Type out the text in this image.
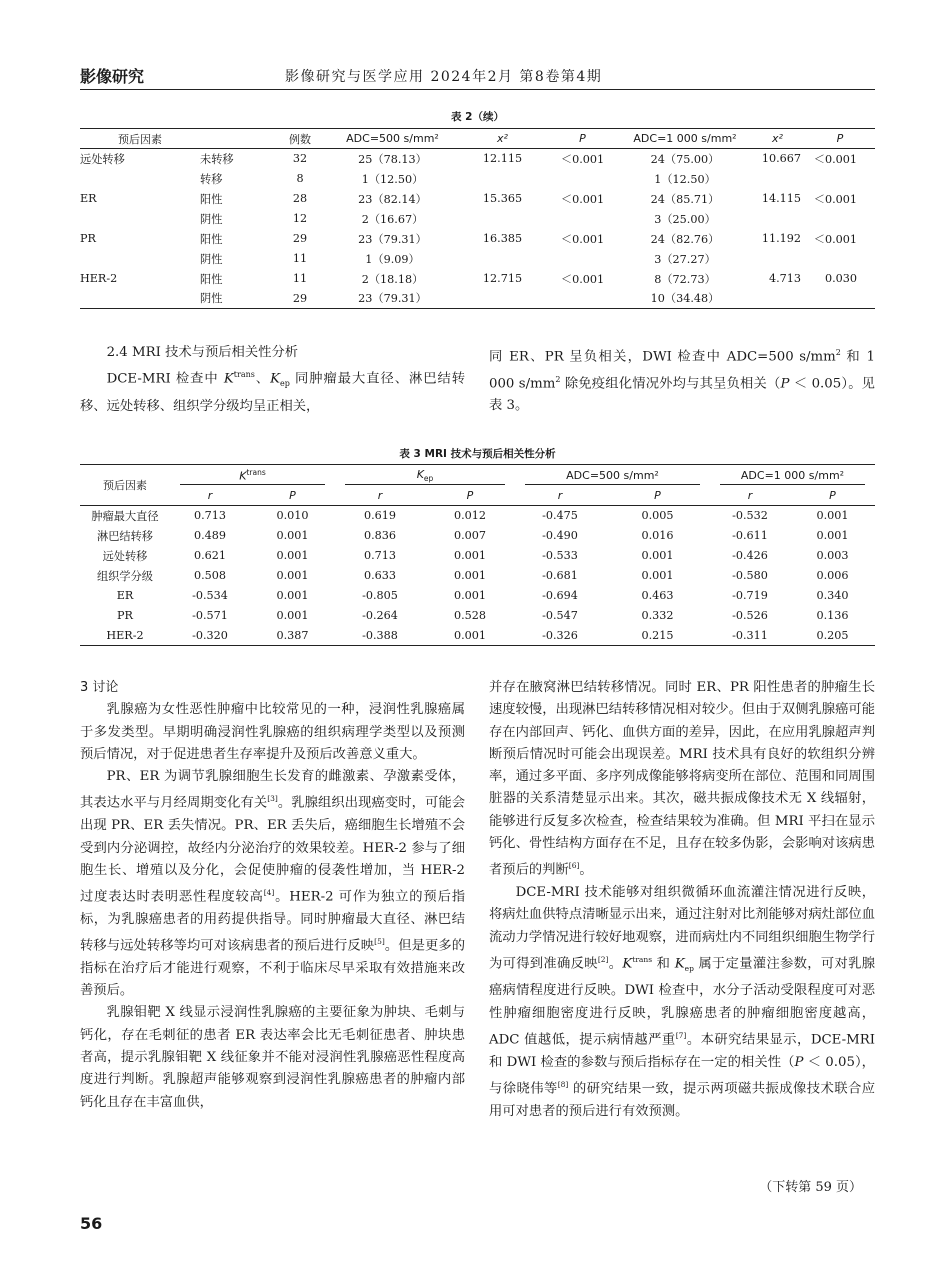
影像研究	影像研究与医学应用 2024年2月 第8卷第4期
表 2（续）
预后因素		例数	ADC=500 s/mm²	x²	P	ADC=1 000 s/mm²	x²	P
远处转移	未转移	32	25（78.13）	12.115	＜0.001	24（75.00）	10.667	＜0.001
	转移	8	1（12.50）			1（12.50）		
ER	阳性	28	23（82.14）	15.365	＜0.001	24（85.71）	14.115	＜0.001
	阴性	12	2（16.67）			3（25.00）		
PR	阳性	29	23（79.31）	16.385	＜0.001	24（82.76）	11.192	＜0.001
	阴性	11	1（9.09）			3（27.27）		
HER-2	阳性	11	2（18.18）	12.715	＜0.001	8（72.73）	4.713	0.030
	阴性	29	23（79.31）			10（34.48）		

2.4 MRI 技术与预后相关性分析

DCE-MRI 检查中 $K^{trans}$、$K_{ep}$ 同肿瘤最大直径、淋巴结转移、远处转移、组织学分级均呈正相关，

同 ER、PR 呈负相关，DWI 检查中 ADC=500 $s/mm^2$ 和 1 000 $s/mm^2$ 除免疫组化情况外均与其呈负相关（P ＜ 0.05）。见表 3。

表 3 MRI 技术与预后相关性分析
预后因素	$K^{trans}$		$K_{ep}$		ADC=500 s/mm²		ADC=1 000 s/mm²	
	r	P	r	P	r	P	r	P
肿瘤最大直径	0.713	0.010	0.619	0.012	-0.475	0.005	-0.532	0.001
淋巴结转移	0.489	0.001	0.836	0.007	-0.490	0.016	-0.611	0.001
远处转移	0.621	0.001	0.713	0.001	-0.533	0.001	-0.426	0.003
组织学分级	0.508	0.001	0.633	0.001	-0.681	0.001	-0.580	0.006
ER	-0.534	0.001	-0.805	0.001	-0.694	0.463	-0.719	0.340
PR	-0.571	0.001	-0.264	0.528	-0.547	0.332	-0.526	0.136
HER-2	-0.320	0.387	-0.388	0.001	-0.326	0.215	-0.311	0.205

3 讨论

乳腺癌为女性恶性肿瘤中比较常见的一种，浸润性乳腺癌属于多发类型。早期明确浸润性乳腺癌的组织病理学类型以及预测预后情况，对于促进患者生存率提升及预后改善意义重大。

PR、ER 为调节乳腺细胞生长发育的雌激素、孕激素受体，其表达水平与月经周期变化有关[3]。乳腺组织出现癌变时，可能会出现 PR、ER 丢失情况。PR、ER 丢失后，癌细胞生长增殖不会受到内分泌调控，故经内分泌治疗的效果较差。HER-2 参与了细胞生长、增殖以及分化，会促使肿瘤的侵袭性增加，当 HER-2 过度表达时表明恶性程度较高[4]。HER-2 可作为独立的预后指标，为乳腺癌患者的用药提供指导。同时肿瘤最大直径、淋巴结转移与远处转移等均可对该病患者的预后进行反映[5]。但是更多的指标在治疗后才能进行观察，不利于临床尽早采取有效措施来改善预后。

乳腺钼靶 X 线显示浸润性乳腺癌的主要征象为肿块、毛刺与钙化，存在毛刺征的患者 ER 表达率会比无毛刺征患者、肿块患者高，提示乳腺钼靶 X 线征象并不能对浸润性乳腺癌恶性程度高度进行判断。乳腺超声能够观察到浸润性乳腺癌患者的肿瘤内部钙化且存在丰富血供，

并存在腋窝淋巴结转移情况。同时 ER、PR 阳性患者的肿瘤生长速度较慢，出现淋巴结转移情况相对较少。但由于双侧乳腺癌可能存在内部回声、钙化、血供方面的差异，因此，在应用乳腺超声判断预后情况时可能会出现误差。MRI 技术具有良好的软组织分辨率，通过多平面、多序列成像能够将病变所在部位、范围和同周围脏器的关系清楚显示出来。其次，磁共振成像技术无 X 线辐射，能够进行反复多次检查，检查结果较为准确。但 MRI 平扫在显示钙化、骨性结构方面存在不足，且存在较多伪影，会影响对该病患者预后的判断[6]。

DCE-MRI 技术能够对组织微循环血流灌注情况进行反映，将病灶血供特点清晰显示出来，通过注射对比剂能够对病灶部位血流动力学情况进行较好地观察，进而病灶内不同组织细胞生物学行为可得到准确反映[2]。$K^{trans}$ 和 $K_{ep}$ 属于定量灌注参数，可对乳腺癌病情程度进行反映。DWI 检查中，水分子活动受限程度可对恶性肿瘤细胞密度进行反映，乳腺癌患者的肿瘤细胞密度越高，ADC 值越低，提示病情越严重[7]。本研究结果显示，DCE-MRI 和 DWI 检查的参数与预后指标存在一定的相关性（P ＜ 0.05），与徐晓伟等[8] 的研究结果一致，提示两项磁共振成像技术联合应用可对患者的预后进行有效预测。

（下转第 59 页）
56
